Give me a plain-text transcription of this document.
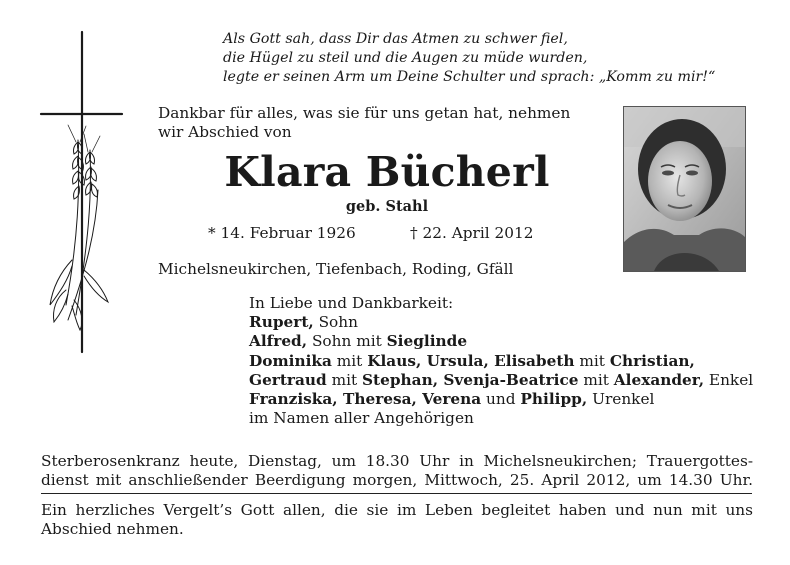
Als Gott sah, dass Dir das Atmen zu schwer fiel,
die Hügel zu steil und die Augen zu müde wurden,
legte er seinen Arm um Deine Schulter und sprach: „Komm zu mir!“
Dankbar für alles, was sie für uns getan hat, nehmen
wir Abschied von
Klara Bücherl
geb. Stahl
* 14. Februar 1926	† 22. April 2012
Michelsneukirchen, Tiefenbach, Roding, Gfäll
In Liebe und Dankbarkeit:
Rupert, Sohn
Alfred, Sohn mit Sieglinde
Dominika mit Klaus, Ursula, Elisabeth mit Christian,
Gertraud mit Stephan, Svenja-Beatrice mit Alexander, Enkel
Franziska, Theresa, Verena und Philipp, Urenkel
im Namen aller Angehörigen
Sterberosenkranz heute, Dienstag, um 18.30 Uhr in Michelsneukirchen; Trauergottes-
dienst mit anschließender Beerdigung morgen, Mittwoch, 25. April 2012, um 14.30 Uhr.
Ein herzliches Vergelt’s Gott allen, die sie im Leben begleitet haben und nun mit uns
Abschied nehmen.
